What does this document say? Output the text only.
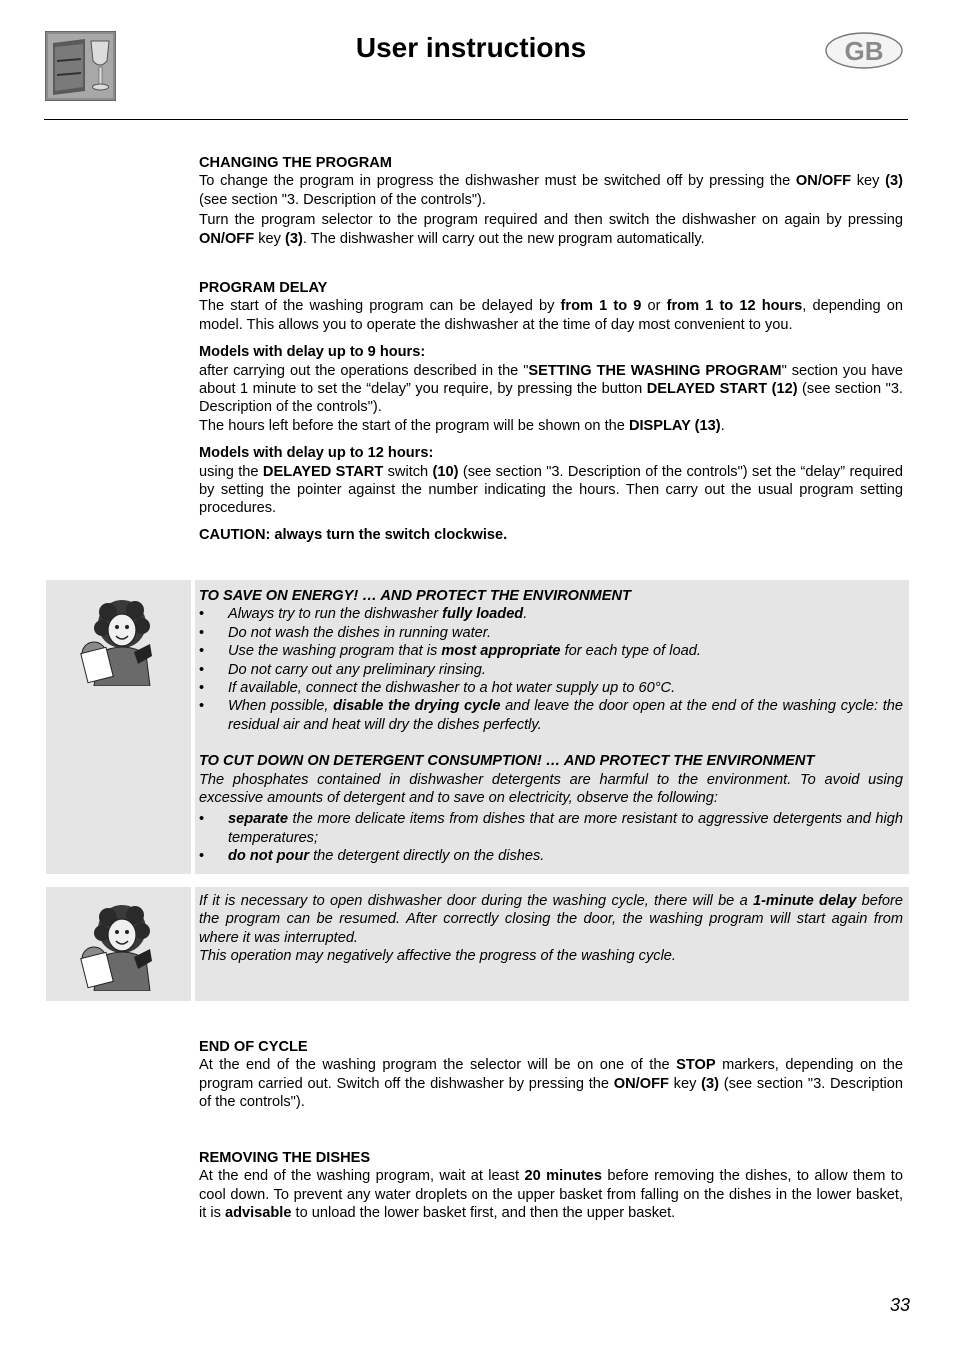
User instructions	GB
CHANGING THE PROGRAM

To change the program in progress the dishwasher must be switched off by pressing the ON/OFF key (3) (see section "3. Description of the controls").

Turn the program selector to the program required and then switch the dishwasher on again by pressing ON/OFF key (3). The dishwasher will carry out the new program automatically.

PROGRAM DELAY

The start of the washing program can be delayed by from 1 to 9 or from 1 to 12 hours, depending on model. This allows you to operate the dishwasher at the time of day most convenient to you.

Models with delay up to 9 hours:

after carrying out the operations described in the "SETTING THE WASHING PROGRAM" section you have about 1 minute to set the “delay” you require, by pressing the button DELAYED START (12) (see section "3. Description of the controls").

The hours left before the start of the program will be shown on the DISPLAY (13).

Models with delay up to 12 hours:

using the DELAYED START switch (10) (see section "3. Description of the controls") set the “delay” required by setting the pointer against the number indicating the hours. Then carry out the usual program setting procedures.

CAUTION: always turn the switch clockwise.
TO SAVE ON ENERGY! … AND PROTECT THE ENVIRONMENT
• Always try to run the dishwasher fully loaded.
• Do not wash the dishes in running water.
• Use the washing program that is most appropriate for each type of load.
• Do not carry out any preliminary rinsing.
• If available, connect the dishwasher to a hot water supply up to 60°C.
• When possible, disable the drying cycle and leave the door open at the end of the washing cycle: the residual air and heat will dry the dishes perfectly.
TO CUT DOWN ON DETERGENT CONSUMPTION! … AND PROTECT THE ENVIRONMENT

The phosphates contained in dishwasher detergents are harmful to the environment. To avoid using excessive amounts of detergent and to save on electricity, observe the following:

• separate the more delicate items from dishes that are more resistant to aggressive detergents and high temperatures;
• do not pour the detergent directly on the dishes.

If it is necessary to open dishwasher door during the washing cycle, there will be a 1-minute delay before the program can be resumed. After correctly closing the door, the washing program will start again from where it was interrupted.

This operation may negatively affective the progress of the washing cycle.

END OF CYCLE

At the end of the washing program the selector will be on one of the STOP markers, depending on the program carried out. Switch off the dishwasher by pressing the ON/OFF key (3) (see section "3. Description of the controls").

REMOVING THE DISHES

At the end of the washing program, wait at least 20 minutes before removing the dishes, to allow them to cool down. To prevent any water droplets on the upper basket from falling on the dishes in the lower basket, it is advisable to unload the lower basket first, and then the upper basket.

33
